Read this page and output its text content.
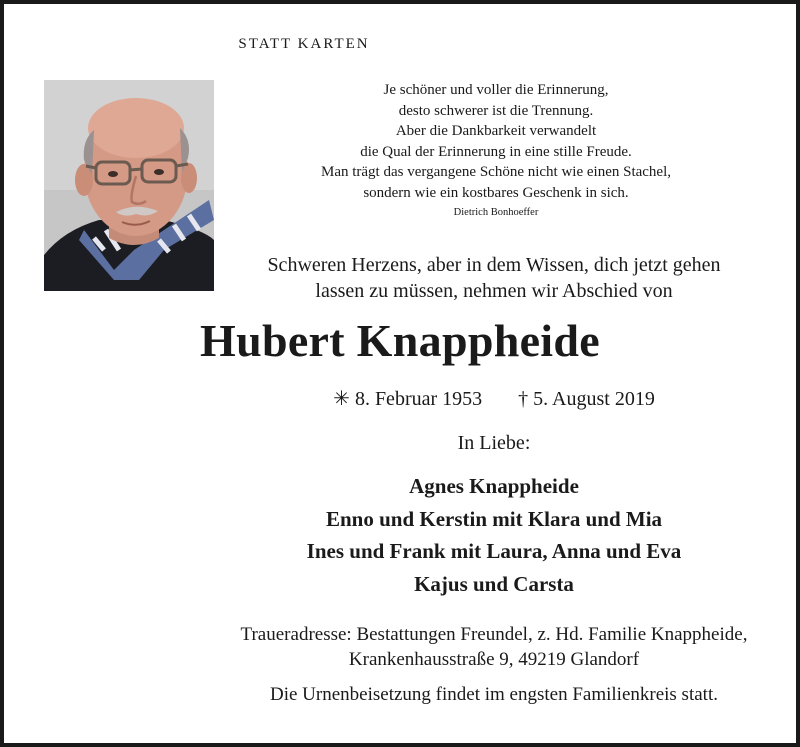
STATT KARTEN
Je schöner und voller die Erinnerung,
desto schwerer ist die Trennung.
Aber die Dankbarkeit verwandelt
die Qual der Erinnerung in eine stille Freude.
Man trägt das vergangene Schöne nicht wie einen Stachel,
sondern wie ein kostbares Geschenk in sich.
Dietrich Bonhoeffer
Schweren Herzens, aber in dem Wissen, dich jetzt gehen
lassen zu müssen, nehmen wir Abschied von
Hubert Knappheide
✳ 8. Februar 1953 † 5. August 2019
In Liebe:
Agnes Knappheide
Enno und Kerstin mit Klara und Mia
Ines und Frank mit Laura, Anna und Eva
Kajus und Carsta
Traueradresse: Bestattungen Freundel, z. Hd. Familie Knappheide,
Krankenhausstraße 9, 49219 Glandorf
Die Urnenbeisetzung findet im engsten Familienkreis statt.
